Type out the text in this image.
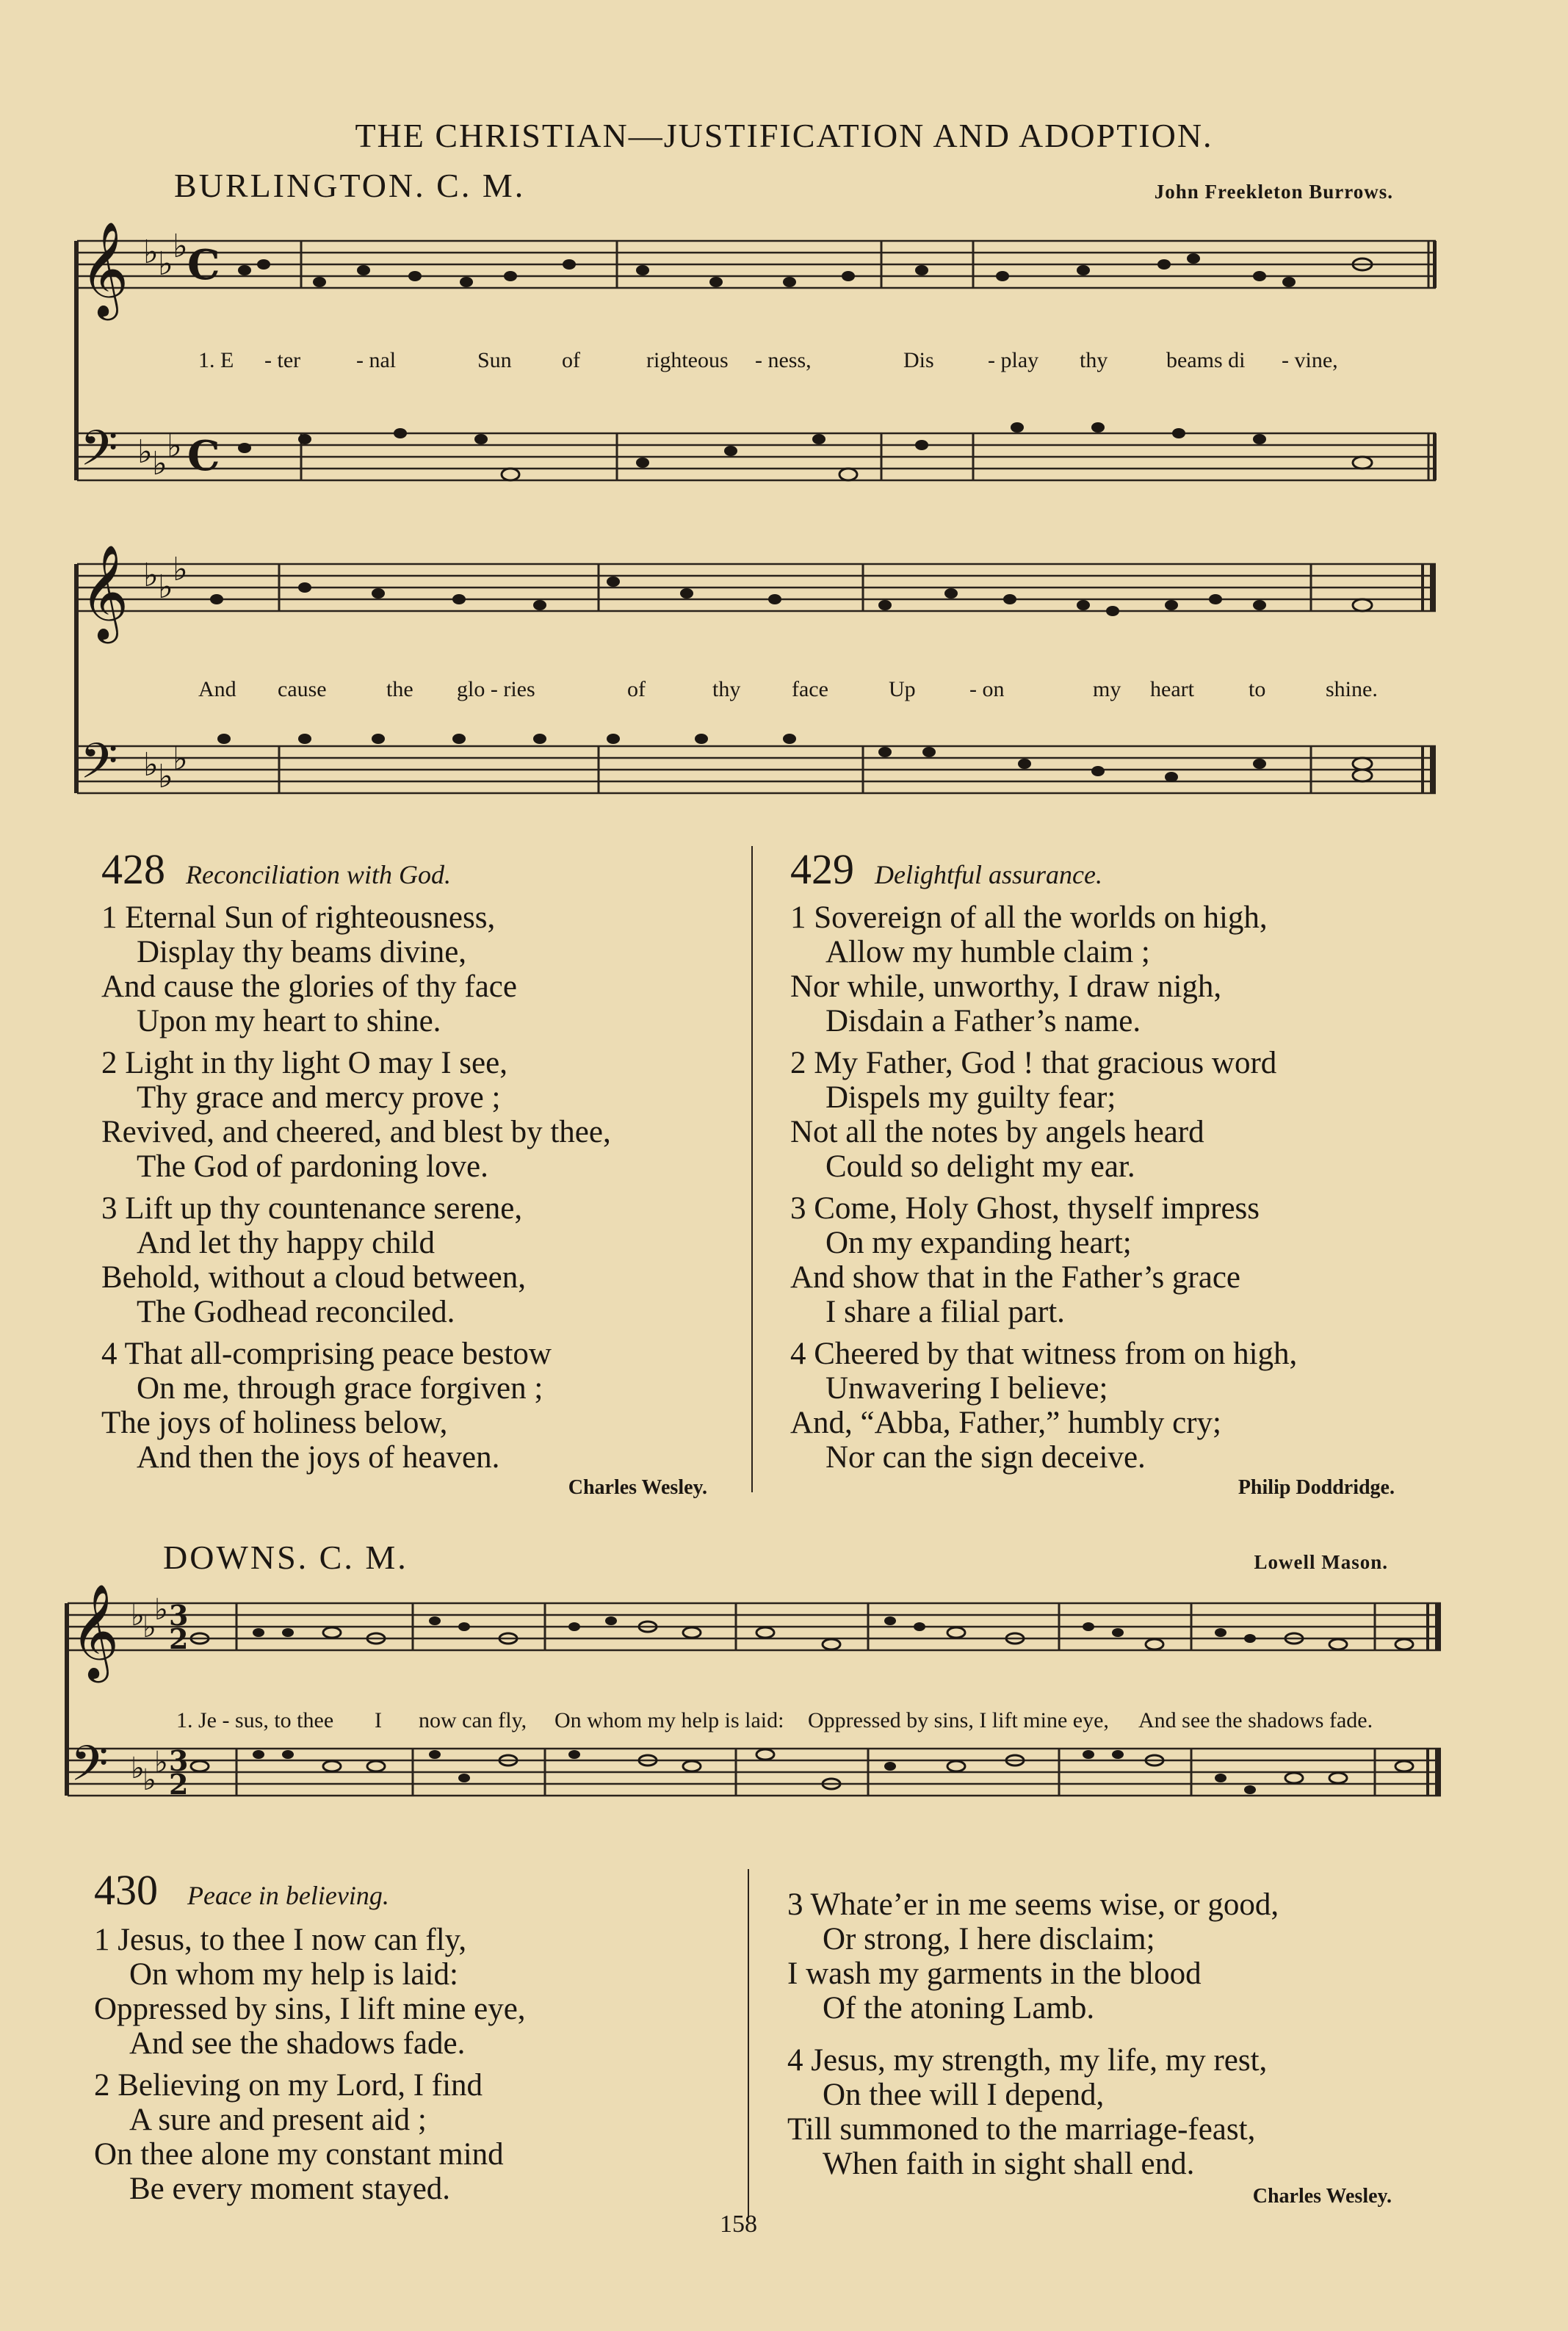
THE CHRISTIAN—JUSTIFICATION AND ADOPTION.
BURLINGTON. C. M.	John Freekleton Burrows.
𝄞
𝄢
♭ ♭ ♭
♭ ♭ ♭
C
C
1. E - ter	- nal	Sun of	righteous - ness,	Dis - play thy	beams di - vine,
𝄞
𝄢
♭ ♭ ♭
♭ ♭ ♭
And cause	the glo - ries	of	thy face	Up - on	my heart to	shine.
428 Reconciliation with God.
1 Eternal Sun of righteousness,
Display thy beams divine,
And cause the glories of thy face
Upon my heart to shine.
2 Light in thy light O may I see,
Thy grace and mercy prove ;
Revived, and cheered, and blest by thee,
The God of pardoning love.
3 Lift up thy countenance serene,
And let thy happy child
Behold, without a cloud between,
The Godhead reconciled.
4 That all-comprising peace bestow
On me, through grace forgiven ;
The joys of holiness below,
And then the joys of heaven.
Charles Wesley.
429 Delightful assurance.
1 Sovereign of all the worlds on high,
Allow my humble claim ;
Nor while, unworthy, I draw nigh,
Disdain a Father’s name.
2 My Father, God ! that gracious word
Dispels my guilty fear;
Not all the notes by angels heard
Could so delight my ear.
3 Come, Holy Ghost, thyself impress
On my expanding heart;
And show that in the Father’s grace
I share a filial part.
4 Cheered by that witness from on high,
Unwavering I believe;
And, “Abba, Father,” humbly cry;
Nor can the sign deceive.
Philip Doddridge.
DOWNS. C. M.	Lowell Mason.
𝄞
𝄢
♭
♭
♭
♭
♭
♭
3
2
3
2
1. Je - sus, to thee I now can fly, On whom my help is laid: Oppressed by sins, I lift mine eye, And see the shadows fade.
430 Peace in believing.
1 Jesus, to thee I now can fly,
On whom my help is laid:
Oppressed by sins, I lift mine eye,
And see the shadows fade.
2 Believing on my Lord, I find
A sure and present aid ;
On thee alone my constant mind
Be every moment stayed.
3 Whate’er in me seems wise, or good,
Or strong, I here disclaim;
I wash my garments in the blood
Of the atoning Lamb.
4 Jesus, my strength, my life, my rest,
On thee will I depend,
Till summoned to the marriage-feast,
When faith in sight shall end.
Charles Wesley.
158
